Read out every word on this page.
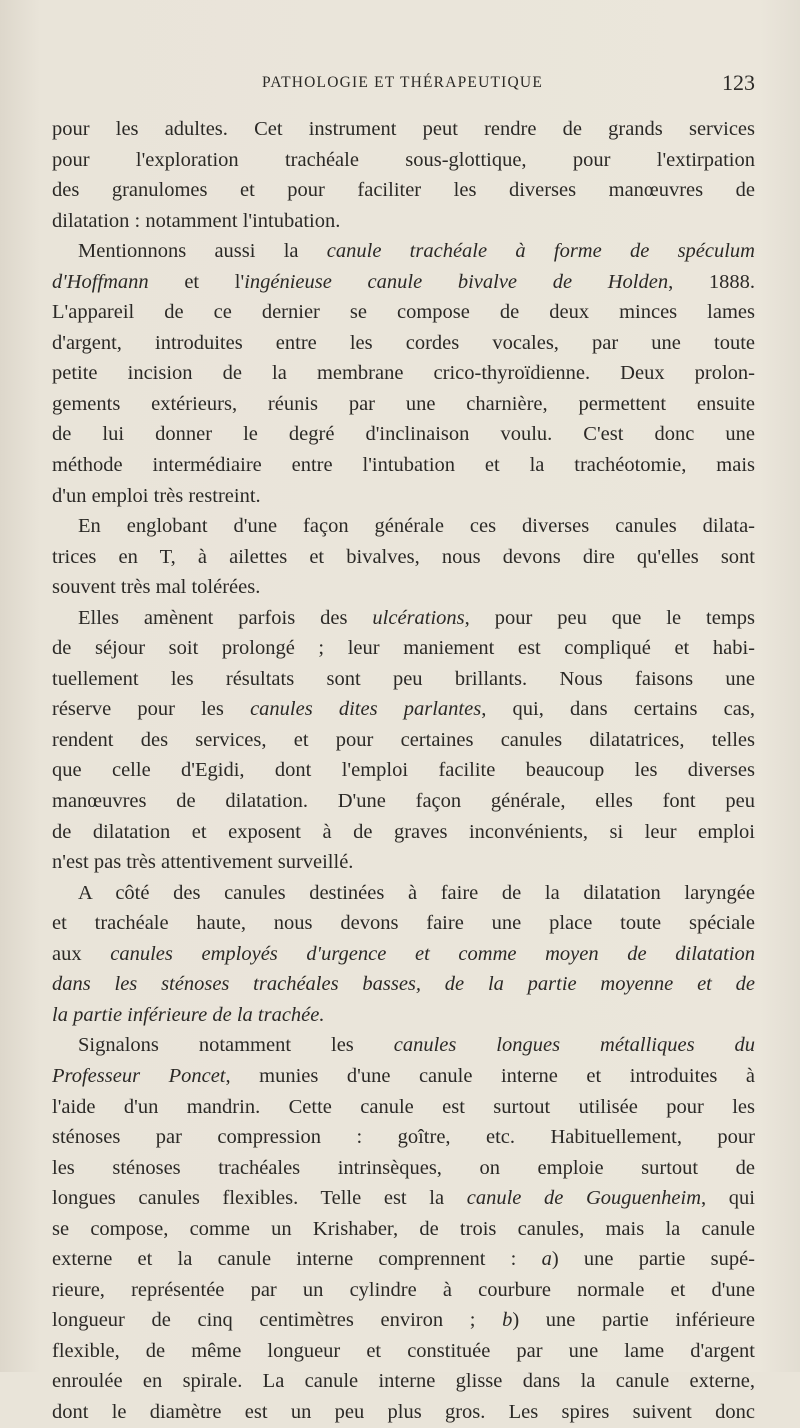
PATHOLOGIE ET THÉRAPEUTIQUE	123
pour les adultes. Cet instrument peut rendre de grands services
pour l'exploration trachéale sous-glottique, pour l'extirpation
des granulomes et pour faciliter les diverses manœuvres de
dilatation : notamment l'intubation.
Mentionnons aussi la canule trachéale à forme de spéculum
d'Hoffmann et l'ingénieuse canule bivalve de Holden, 1888.
L'appareil de ce dernier se compose de deux minces lames
d'argent, introduites entre les cordes vocales, par une toute
petite incision de la membrane crico-thyroïdienne. Deux prolon-
gements extérieurs, réunis par une charnière, permettent ensuite
de lui donner le degré d'inclinaison voulu. C'est donc une
méthode intermédiaire entre l'intubation et la trachéotomie, mais
d'un emploi très restreint.
En englobant d'une façon générale ces diverses canules dilata-
trices en T, à ailettes et bivalves, nous devons dire qu'elles sont
souvent très mal tolérées.
Elles amènent parfois des ulcérations, pour peu que le temps
de séjour soit prolongé ; leur maniement est compliqué et habi-
tuellement les résultats sont peu brillants. Nous faisons une
réserve pour les canules dites parlantes, qui, dans certains cas,
rendent des services, et pour certaines canules dilatatrices, telles
que celle d'Egidi, dont l'emploi facilite beaucoup les diverses
manœuvres de dilatation. D'une façon générale, elles font peu
de dilatation et exposent à de graves inconvénients, si leur emploi
n'est pas très attentivement surveillé.
A côté des canules destinées à faire de la dilatation laryngée
et trachéale haute, nous devons faire une place toute spéciale
aux canules employés d'urgence et comme moyen de dilatation
dans les sténoses trachéales basses, de la partie moyenne et de
la partie inférieure de la trachée.
Signalons notamment les canules longues métalliques du
Professeur Poncet, munies d'une canule interne et introduites à
l'aide d'un mandrin. Cette canule est surtout utilisée pour les
sténoses par compression : goître, etc. Habituellement, pour
les sténoses trachéales intrinsèques, on emploie surtout de
longues canules flexibles. Telle est la canule de Gouguenheim, qui
se compose, comme un Krishaber, de trois canules, mais la canule
externe et la canule interne comprennent : a) une partie supé-
rieure, représentée par un cylindre à courbure normale et d'une
longueur de cinq centimètres environ ; b) une partie inférieure
flexible, de même longueur et constituée par une lame d'argent
enroulée en spirale. La canule interne glisse dans la canule externe,
dont le diamètre est un peu plus gros. Les spires suivent donc
